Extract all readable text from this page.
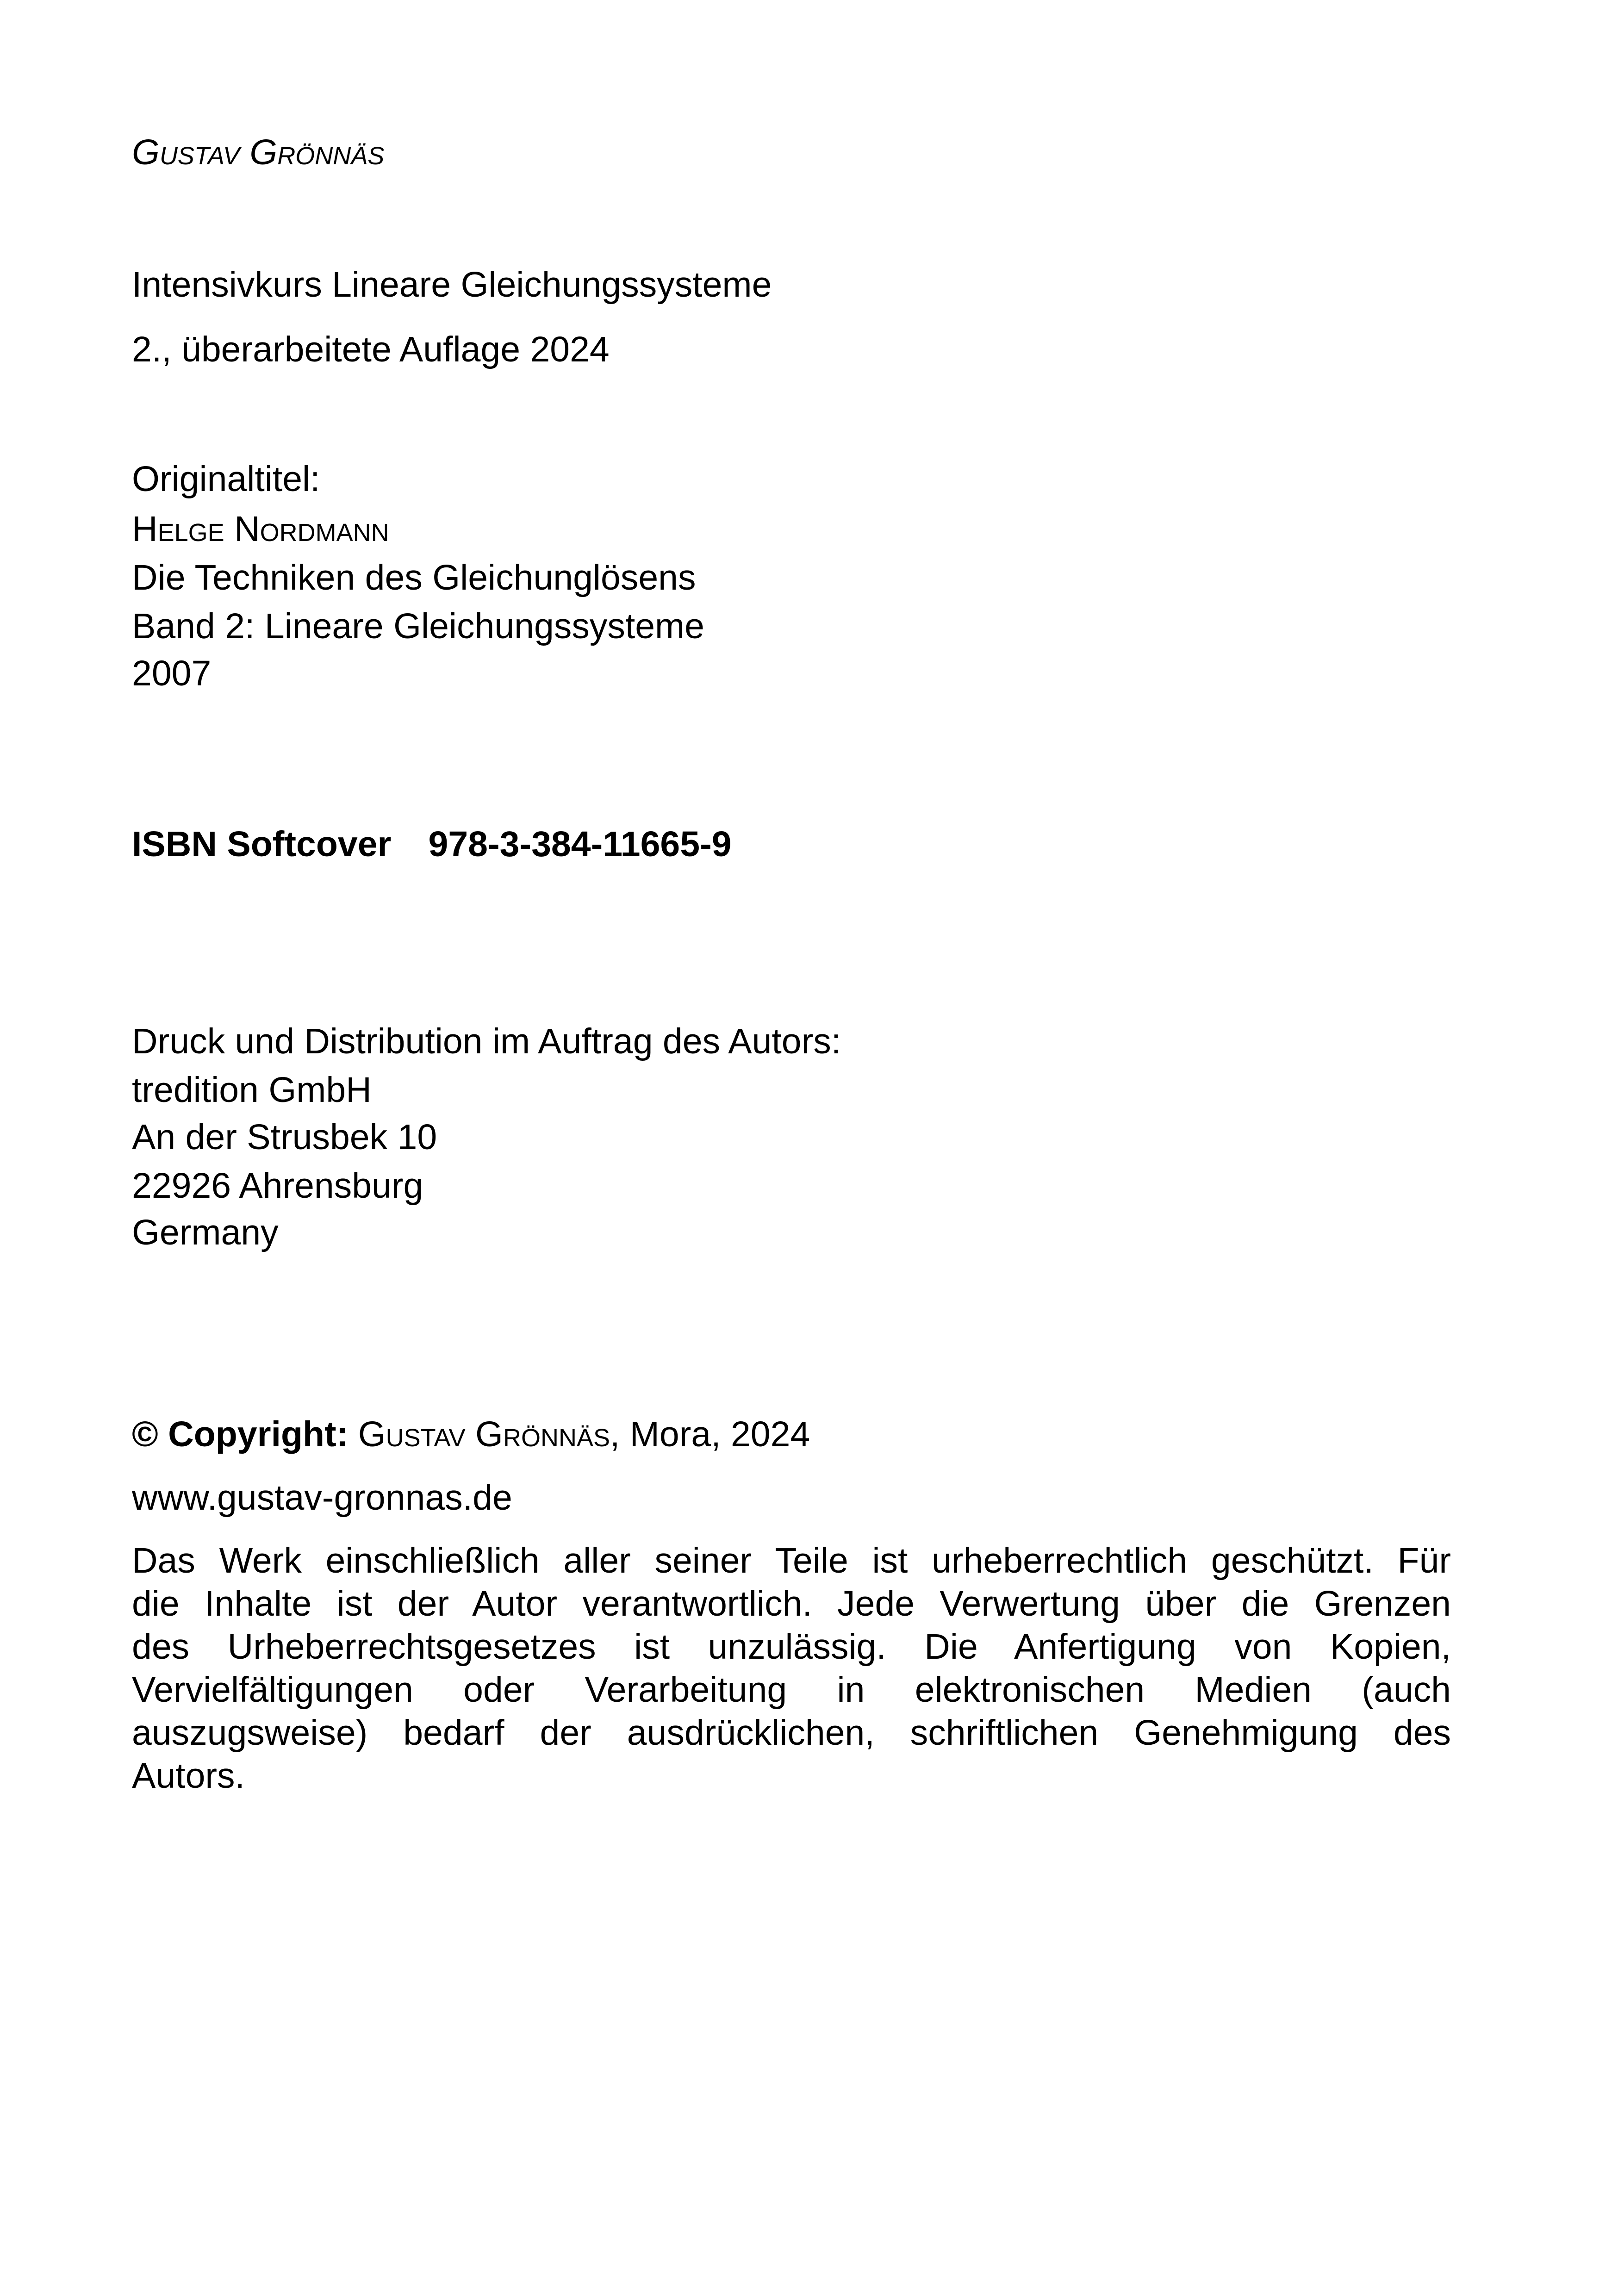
Gustav Grönnäs
Intensivkurs Lineare Gleichungssysteme
2., überarbeitete Auflage 2024
Originaltitel:
Helge Nordmann
Die Techniken des Gleichunglösens
Band 2: Lineare Gleichungssysteme
2007
ISBN Softcover 978-3-384-11665-9
Druck und Distribution im Auftrag des Autors:
tredition GmbH
An der Strusbek 10
22926 Ahrensburg
Germany
© Copyright: Gustav Grönnäs, Mora, 2024
www.gustav-gronnas.de
Das Werk einschließlich aller seiner Teile ist urheberrechtlich geschützt. Für
die Inhalte ist der Autor verantwortlich. Jede Verwertung über die Grenzen
des Urheberrechtsgesetzes ist unzulässig. Die Anfertigung von Kopien,
Vervielfältigungen oder Verarbeitung in elektronischen Medien (auch
auszugsweise) bedarf der ausdrücklichen, schriftlichen Genehmigung des
Autors.
